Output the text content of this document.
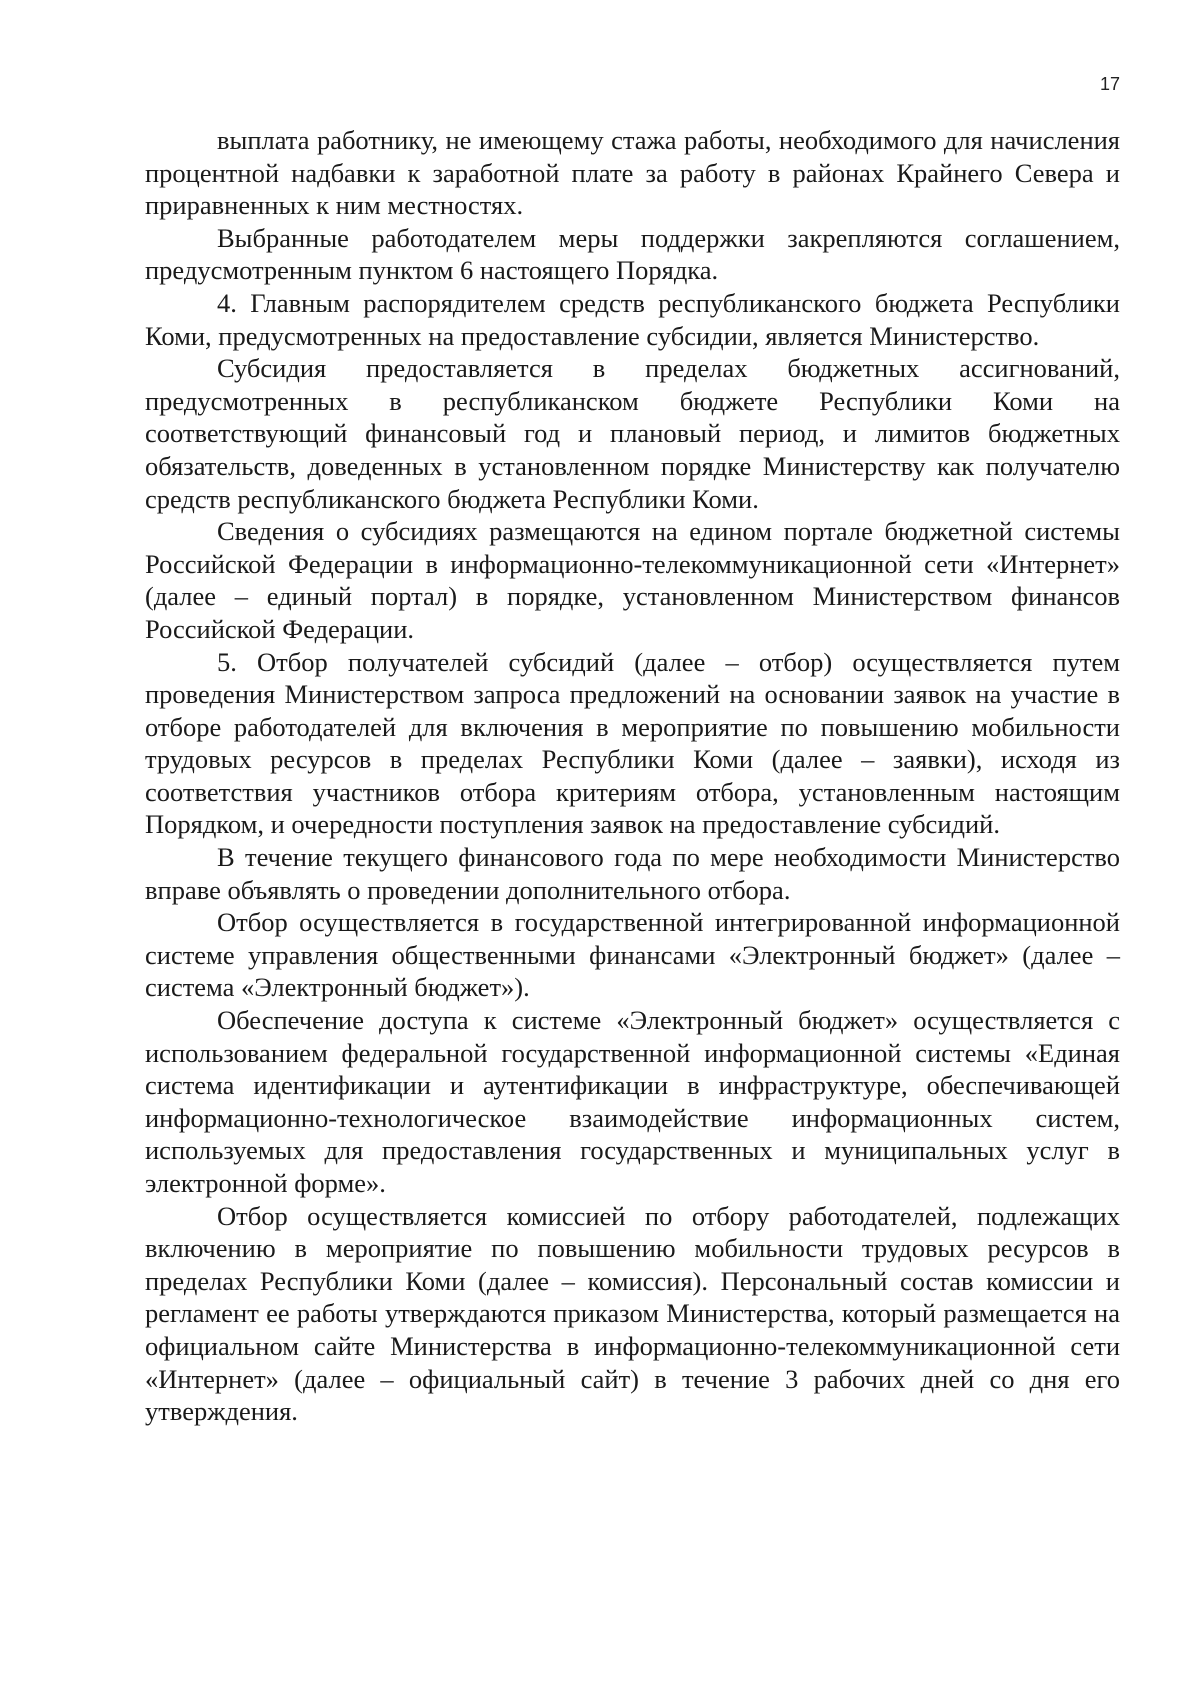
17

выплата работнику, не имеющему стажа работы, необходимого для начисления процентной надбавки к заработной плате за работу в районах Крайнего Севера и приравненных к ним местностях.

Выбранные работодателем меры поддержки закрепляются соглашением, предусмотренным пунктом 6 настоящего Порядка.

4. Главным распорядителем средств республиканского бюджета Республики Коми, предусмотренных на предоставление субсидии, является Министерство.

Субсидия предоставляется в пределах бюджетных ассигнований, предусмотренных в республиканском бюджете Республики Коми на соответствующий финансовый год и плановый период, и лимитов бюджетных обязательств, доведенных в установленном порядке Министерству как получателю средств республиканского бюджета Республики Коми.

Сведения о субсидиях размещаются на едином портале бюджетной системы Российской Федерации в информационно-телекоммуникационной сети «Интернет» (далее – единый портал) в порядке, установленном Министерством финансов Российской Федерации.

5. Отбор получателей субсидий (далее – отбор) осуществляется путем проведения Министерством запроса предложений на основании заявок на участие в отборе работодателей для включения в мероприятие по повышению мобильности трудовых ресурсов в пределах Республики Коми (далее – заявки), исходя из соответствия участников отбора критериям отбора, установленным настоящим Порядком, и очередности поступления заявок на предоставление субсидий.

В течение текущего финансового года по мере необходимости Министерство вправе объявлять о проведении дополнительного отбора.

Отбор осуществляется в государственной интегрированной информационной системе управления общественными финансами «Электронный бюджет» (далее – система «Электронный бюджет»).

Обеспечение доступа к системе «Электронный бюджет» осуществляется с использованием федеральной государственной информационной системы «Единая система идентификации и аутентификации в инфраструктуре, обеспечивающей информационно-технологическое взаимодействие информационных систем, используемых для предоставления государственных и муниципальных услуг в электронной форме».

Отбор осуществляется комиссией по отбору работодателей, подлежащих включению в мероприятие по повышению мобильности трудовых ресурсов в пределах Республики Коми (далее – комиссия). Персональный состав комиссии и регламент ее работы утверждаются приказом Министерства, который размещается на официальном сайте Министерства в информационно-телекоммуникационной сети «Интернет» (далее – официальный сайт) в течение 3 рабочих дней со дня его утверждения.
